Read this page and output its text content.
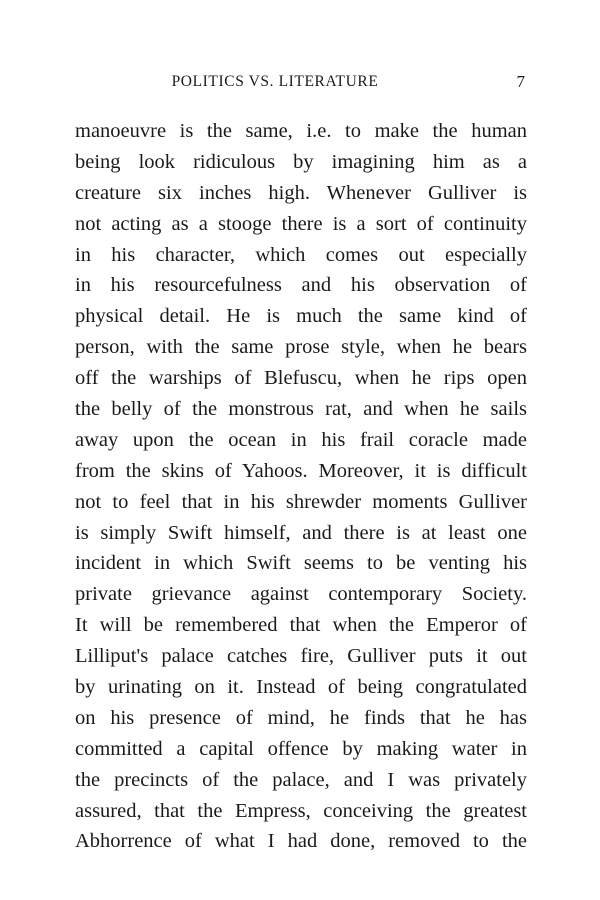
POLITICS VS. LITERATURE	7
manoeuvre is the same, i.e. to make the human
being look ridiculous by imagining him as a
creature six inches high. Whenever Gulliver is
not acting as a stooge there is a sort of continuity
in his character, which comes out especially
in his resourcefulness and his observation of
physical detail. He is much the same kind of
person, with the same prose style, when he bears
off the warships of Blefuscu, when he rips open
the belly of the monstrous rat, and when he sails
away upon the ocean in his frail coracle made
from the skins of Yahoos. Moreover, it is difficult
not to feel that in his shrewder moments Gulliver
is simply Swift himself, and there is at least one
incident in which Swift seems to be venting his
private grievance against contemporary Society.
It will be remembered that when the Emperor of
Lilliput's palace catches fire, Gulliver puts it out
by urinating on it. Instead of being congratulated
on his presence of mind, he finds that he has
committed a capital offence by making water in
the precincts of the palace, and I was privately
assured, that the Empress, conceiving the greatest
Abhorrence of what I had done, removed to the
